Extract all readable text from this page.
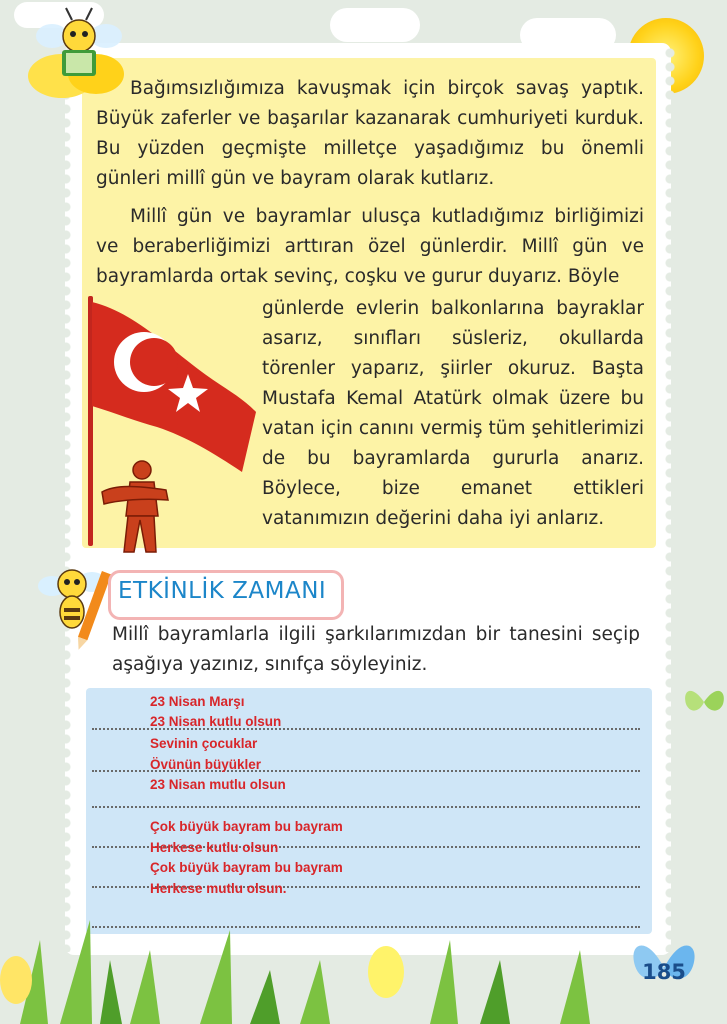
Bağımsızlığımıza kavuşmak için birçok savaş yaptık. Büyük zaferler ve başarılar kazanarak cumhuriyeti kurduk. Bu yüzden geçmişte milletçe yaşadığımız bu önemli günleri millî gün ve bayram olarak kutlarız.

Millî gün ve bayramlar ulusça kutladığımız birliğimizi ve beraberliğimizi arttıran özel günlerdir. Millî gün ve bayramlarda ortak sevinç, coşku ve gurur duyarız. Böyle

günlerde evlerin balkonlarına bayraklar asarız, sınıfları süsleriz, okullarda törenler yaparız, şiirler okuruz. Başta Mustafa Kemal Atatürk olmak üzere bu vatan için canını vermiş tüm şehitlerimizi de bu bayramlarda gururla anarız. Böylece, bize emanet ettikleri vatanımızın değerini daha iyi anlarız.

ETKİNLİK ZAMANI

Millî bayramlarla ilgili şarkılarımızdan bir tanesini seçip aşağıya yazınız, sınıfça söyleyiniz.

23 Nisan Marşı

23 Nisan kutlu olsun

Sevinin çocuklar

Övünün büyükler

23 Nisan mutlu olsun

Çok büyük bayram bu bayram

Herkese kutlu olsun

Çok büyük bayram bu bayram

Herkese mutlu olsun.

185
